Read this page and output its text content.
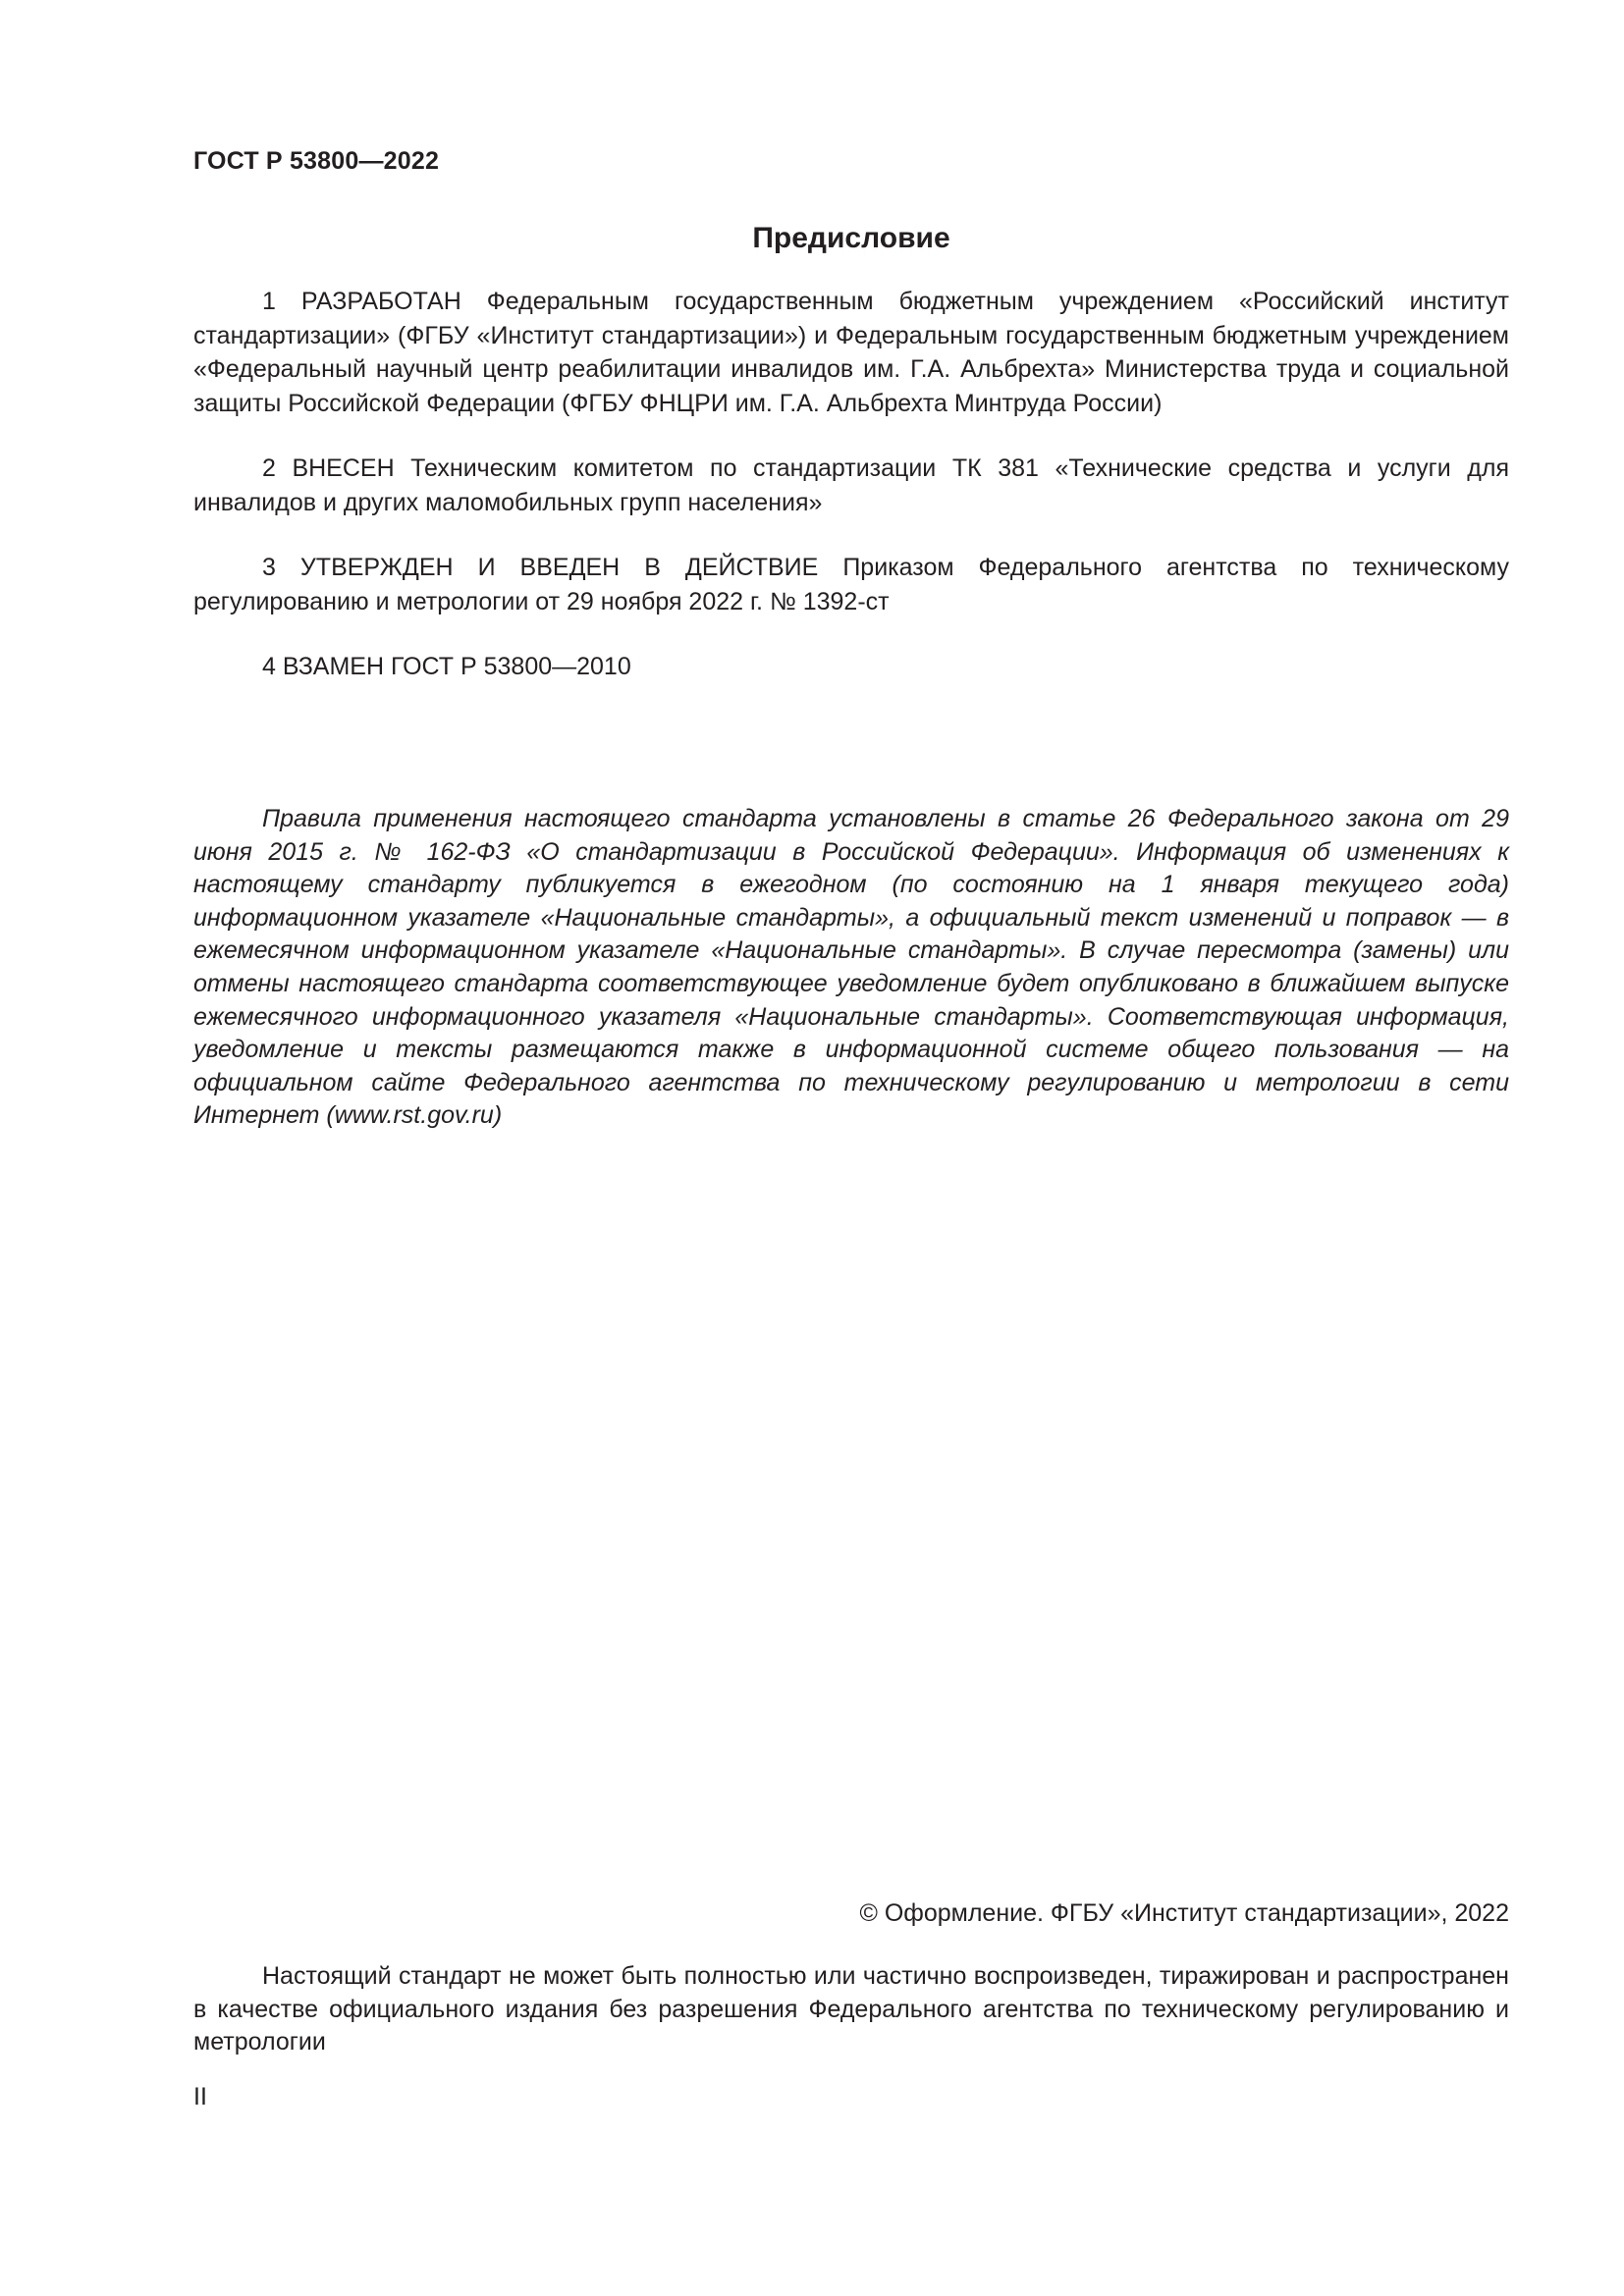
ГОСТ Р 53800—2022
Предисловие

1 РАЗРАБОТАН Федеральным государственным бюджетным учреждением «Российский институт стандартизации» (ФГБУ «Институт стандартизации») и Федеральным государственным бюджетным учреждением «Федеральный научный центр реабилитации инвалидов им. Г.А. Альбрехта» Министерства труда и социальной защиты Российской Федерации (ФГБУ ФНЦРИ им. Г.А. Альбрехта Минтруда России)

2 ВНЕСЕН Техническим комитетом по стандартизации ТК 381 «Технические средства и услуги для инвалидов и других маломобильных групп населения»

3 УТВЕРЖДЕН И ВВЕДЕН В ДЕЙСТВИЕ Приказом Федерального агентства по техническому регулированию и метрологии от 29 ноября 2022 г. № 1392-ст

4 ВЗАМЕН ГОСТ Р 53800—2010

Правила применения настоящего стандарта установлены в статье 26 Федерального закона от 29 июня 2015 г. № 162-ФЗ «О стандартизации в Российской Федерации». Информация об изменениях к настоящему стандарту публикуется в ежегодном (по состоянию на 1 января текущего года) информационном указателе «Национальные стандарты», а официальный текст изменений и поправок — в ежемесячном информационном указателе «Национальные стандарты». В случае пересмотра (замены) или отмены настоящего стандарта соответствующее уведомление будет опубликовано в ближайшем выпуске ежемесячного информационного указателя «Национальные стандарты». Соответствующая информация, уведомление и тексты размещаются также в информационной системе общего пользования — на официальном сайте Федерального агентства по техническому регулированию и метрологии в сети Интернет (www.rst.gov.ru)

© Оформление. ФГБУ «Институт стандартизации», 2022

Настоящий стандарт не может быть полностью или частично воспроизведен, тиражирован и распространен в качестве официального издания без разрешения Федерального агентства по техническому регулированию и метрологии

II
